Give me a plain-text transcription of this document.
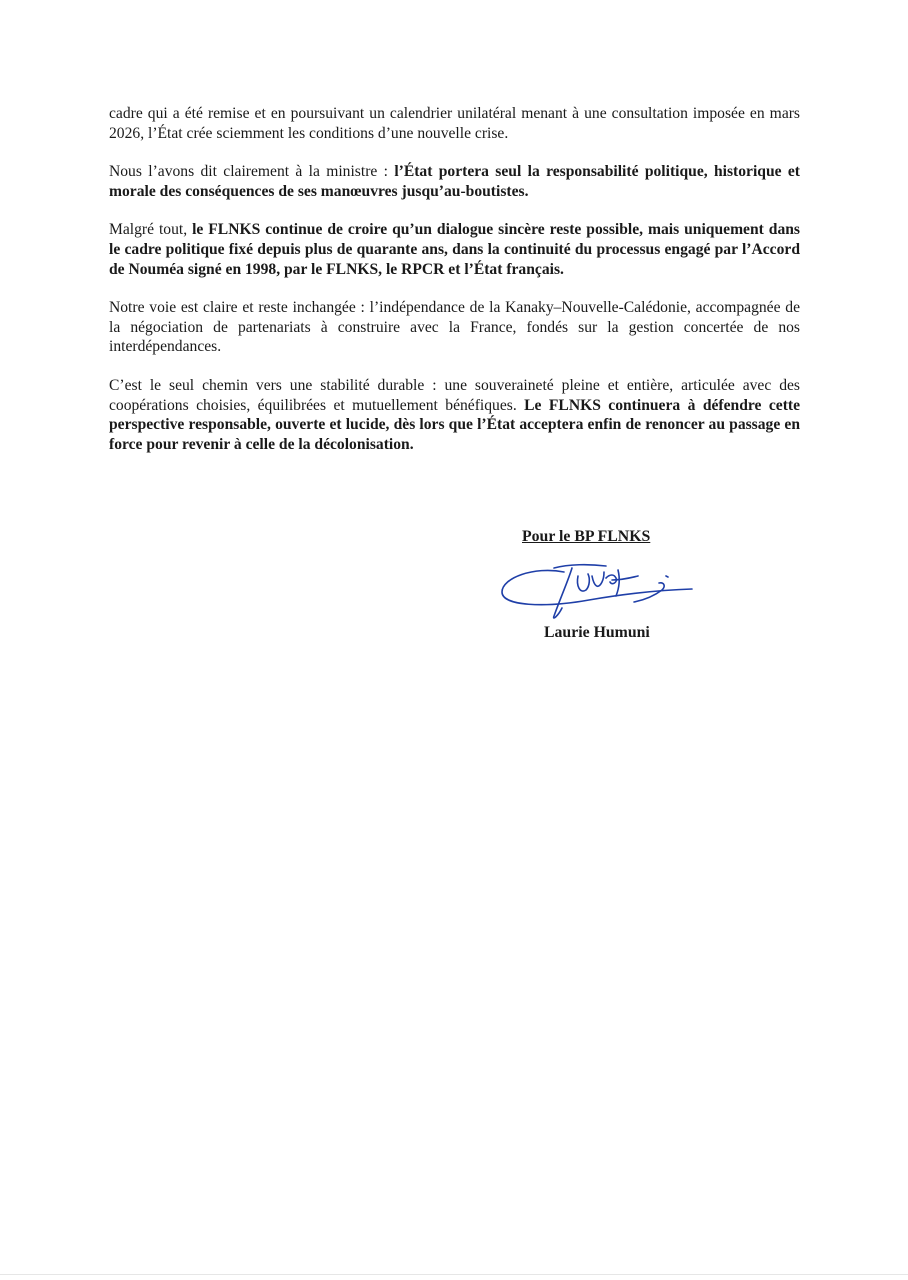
cadre qui a été remise et en poursuivant un calendrier unilatéral menant à une consultation imposée en mars 2026, l’État crée sciemment les conditions d’une nouvelle crise.

Nous l’avons dit clairement à la ministre : l’État portera seul la responsabilité politique, historique et morale des conséquences de ses manœuvres jusqu’au-boutistes.

Malgré tout, le FLNKS continue de croire qu’un dialogue sincère reste possible, mais uniquement dans le cadre politique fixé depuis plus de quarante ans, dans la continuité du processus engagé par l’Accord de Nouméa signé en 1998, par le FLNKS, le RPCR et l’État français.

Notre voie est claire et reste inchangée : l’indépendance de la Kanaky–Nouvelle-Calédonie, accompagnée de la négociation de partenariats à construire avec la France, fondés sur la gestion concertée de nos interdépendances.

C’est le seul chemin vers une stabilité durable : une souveraineté pleine et entière, articulée avec des coopérations choisies, équilibrées et mutuellement bénéfiques. Le FLNKS continuera à défendre cette perspective responsable, ouverte et lucide, dès lors que l’État acceptera enfin de renoncer au passage en force pour revenir à celle de la décolonisation.

Pour le BP FLNKS
Laurie Humuni
